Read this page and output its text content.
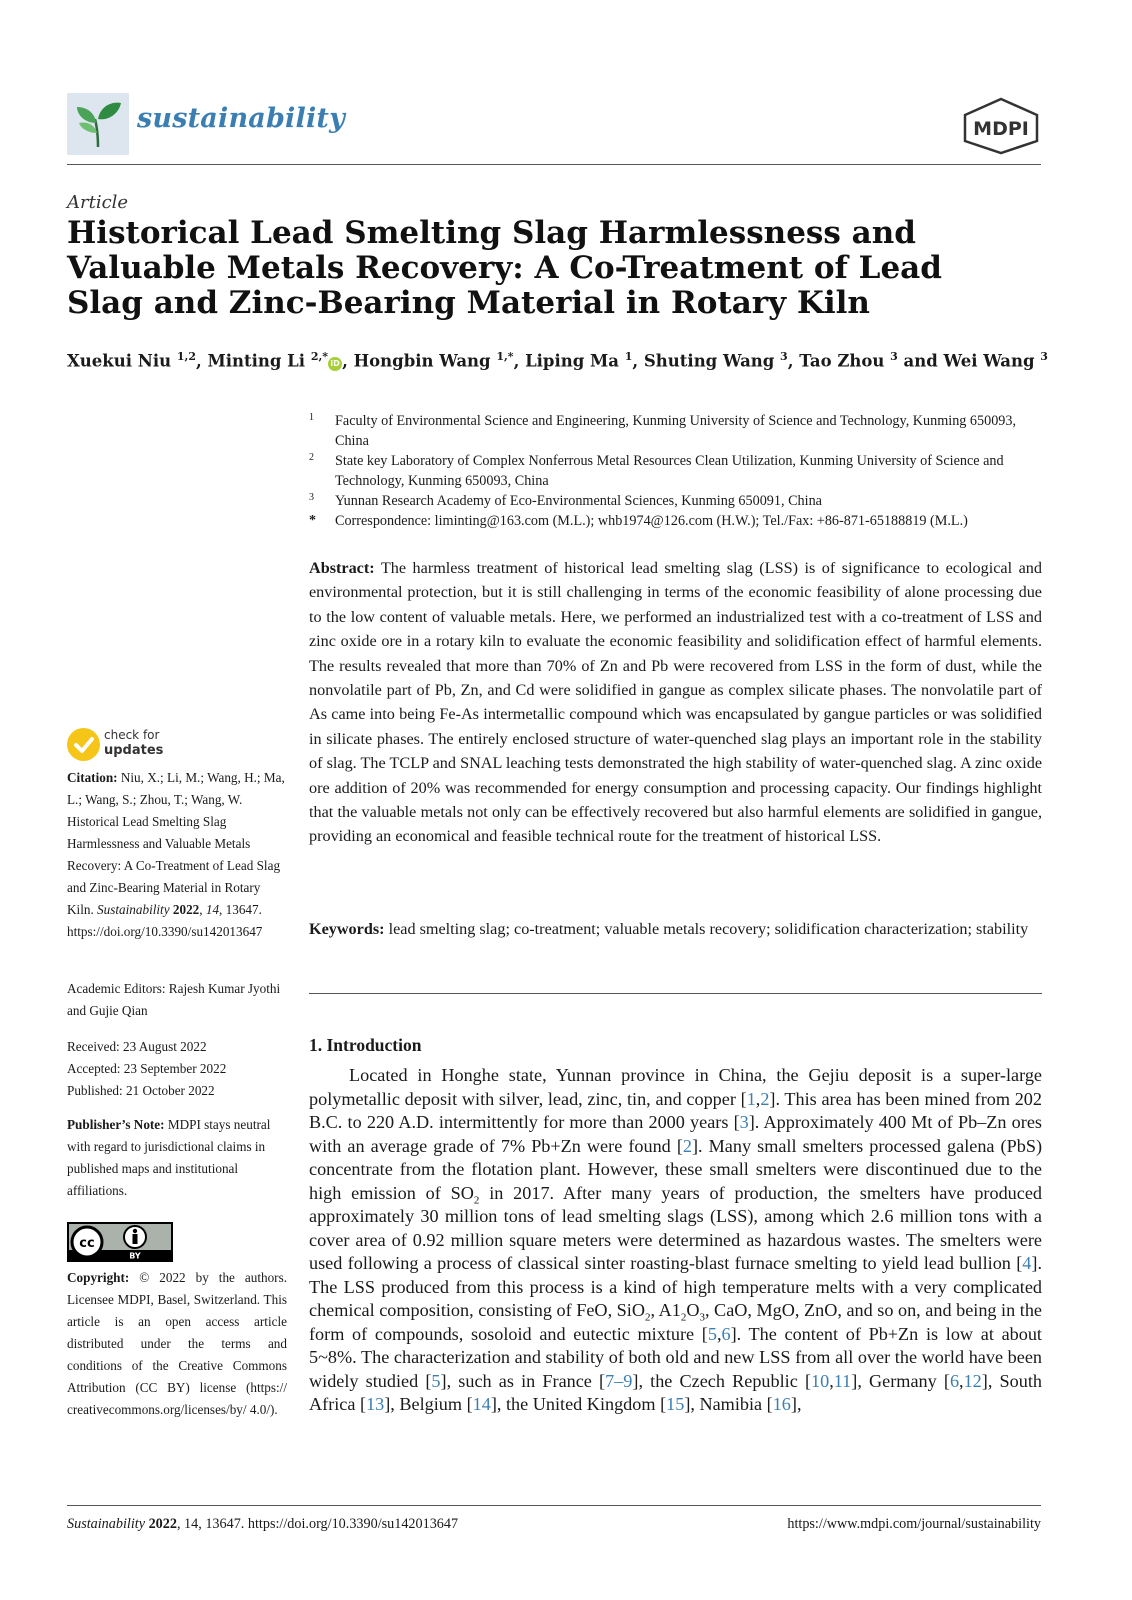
sustainability	MDPI
Article
Historical Lead Smelting Slag Harmlessness and Valuable Metals Recovery: A Co-Treatment of Lead Slag and Zinc-Bearing Material in Rotary Kiln
Xuekui Niu $^{1,2}$, Minting Li $^{2,*}$ iD , Hongbin Wang $^{1,*}$, Liping Ma $^1$, Shuting Wang $^3$, Tao Zhou $^3$ and Wei Wang $^3$
1 Faculty of Environmental Science and Engineering, Kunming University of Science and Technology, Kunming 650093, China
2 State key Laboratory of Complex Nonferrous Metal Resources Clean Utilization, Kunming University of Science and Technology, Kunming 650093, China
3 Yunnan Research Academy of Eco-Environmental Sciences, Kunming 650091, China
* Correspondence: liminting@163.com (M.L.); whb1974@126.com (H.W.); Tel./Fax: +86-871-65188819 (M.L.)

Abstract: The harmless treatment of historical lead smelting slag (LSS) is of significance to ecological and environmental protection, but it is still challenging in terms of the economic feasibility of alone processing due to the low content of valuable metals. Here, we performed an industrialized test with a co-treatment of LSS and zinc oxide ore in a rotary kiln to evaluate the economic feasibility and solidification effect of harmful elements. The results revealed that more than 70% of Zn and Pb were recovered from LSS in the form of dust, while the nonvolatile part of Pb, Zn, and Cd were solidified in gangue as complex silicate phases. The nonvolatile part of As came into being Fe-As intermetallic compound which was encapsulated by gangue particles or was solidified in silicate phases. The entirely enclosed structure of water-quenched slag plays an important role in the stability of slag. The TCLP and SNAL leaching tests demonstrated the high stability of water-quenched slag. A zinc oxide ore addition of 20% was recommended for energy consumption and processing capacity. Our findings highlight that the valuable metals not only can be effectively recovered but also harmful elements are solidified in gangue, providing an economical and feasible technical route for the treatment of historical LSS.

Keywords: lead smelting slag; co-treatment; valuable metals recovery; solidification characterization; stability

1. Introduction

Located in Honghe state, Yunnan province in China, the Gejiu deposit is a super-large polymetallic deposit with silver, lead, zinc, tin, and copper [1,2]. This area has been mined from 202 B.C. to 220 A.D. intermittently for more than 2000 years [3]. Approximately 400 Mt of Pb–Zn ores with an average grade of 7% Pb+Zn were found [2]. Many small smelters processed galena (PbS) concentrate from the flotation plant. However, these small smelters were discontinued due to the high emission of $SO_2$ in 2017. After many years of production, the smelters have produced approximately 30 million tons of lead smelting slags (LSS), among which 2.6 million tons with a cover area of 0.92 million square meters were determined as hazardous wastes. The smelters were used following a process of classical sinter roasting-blast furnace smelting to yield lead bullion [4]. The LSS produced from this process is a kind of high temperature melts with a very complicated chemical composition, consisting of FeO, SiO$_2$, $A1_2O_3$, CaO, MgO, ZnO, and so on, and being in the form of compounds, sosoloid and eutectic mixture [5,6]. The content of Pb+Zn is low at about 5~8%. The characterization and stability of both old and new LSS from all over the world have been widely studied [5], such as in France [7–9], the Czech Republic [10,11], Germany [6,12], South Africa [13], Belgium [14], the United Kingdom [15], Namibia [16],

check for
updates
Citation: Niu, X.; Li, M.; Wang, H.; Ma, L.; Wang, S.; Zhou, T.; Wang, W. Historical Lead Smelting Slag Harmlessness and Valuable Metals Recovery: A Co-Treatment of Lead Slag and Zinc-Bearing Material in Rotary Kiln. Sustainability 2022, 14, 13647. https://doi.org/10.3390/su142013647
Academic Editors: Rajesh Kumar Jyothi and Gujie Qian
Received: 23 August 2022
Accepted: 23 September 2022
Published: 21 October 2022
Publisher’s Note: MDPI stays neutral with regard to jurisdictional claims in published maps and institutional affiliations.
cc
BY
Copyright: © 2022 by the authors. Licensee MDPI, Basel, Switzerland. This article is an open access article distributed under the terms and conditions of the Creative Commons Attribution (CC BY) license (https:// creativecommons.org/licenses/by/ 4.0/).
Sustainability 2022, 14, 13647. https://doi.org/10.3390/su142013647	https://www.mdpi.com/journal/sustainability
